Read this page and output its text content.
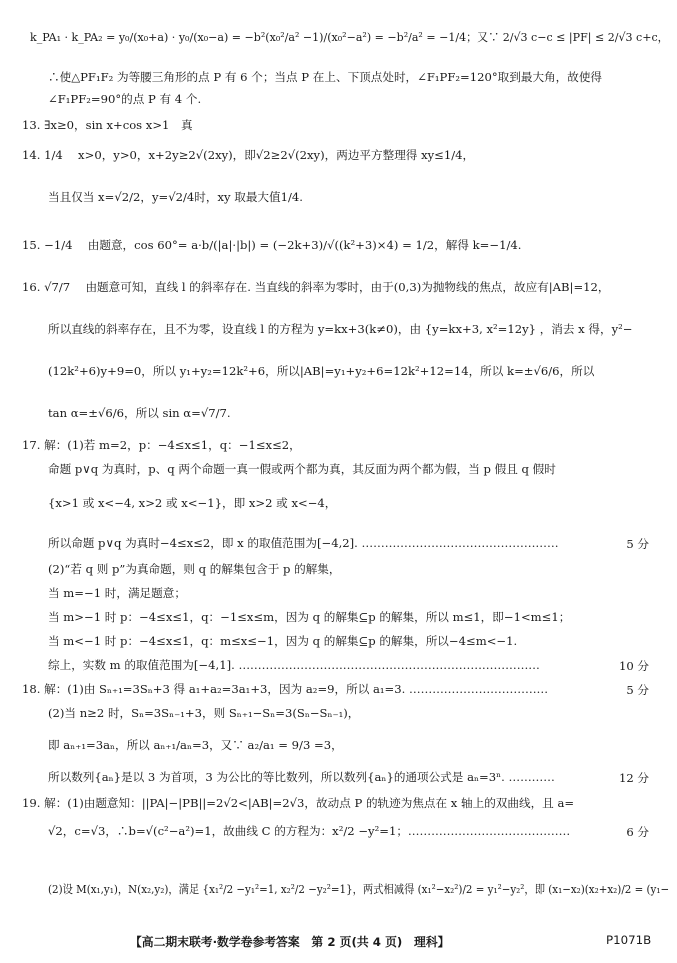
k_PA₁ · k_PA₂ = y₀/(x₀+a) · y₀/(x₀−a) = −b²(x₀²/a² −1)/(x₀²−a²) = −b²/a² = −1/4；又∵ 2/√3 c−c ≤ |PF| ≤ 2/√3 c+c，
∴使△PF₁F₂ 为等腰三角形的点 P 有 6 个；当点 P 在上、下顶点处时，∠F₁PF₂=120°取到最大角，故使得
∠F₁PF₂=90°的点 P 有 4 个.
13. ∃x≥0，sin x+cos x>1　真
14. 1/4　 x>0，y>0，x+2y≥2√(2xy)，即√2≥2√(2xy)，两边平方整理得 xy≤1/4，
当且仅当 x=√2/2，y=√2/4时，xy 取最大值1/4.
15. −1/4　 由题意，cos 60°= a·b/(|a|·|b|) = (−2k+3)/√((k²+3)×4) = 1/2，解得 k=−1/4.
16. √7/7　 由题意可知，直线 l 的斜率存在. 当直线的斜率为零时，由于(0,3)为抛物线的焦点，故应有|AB|=12，
所以直线的斜率存在，且不为零，设直线 l 的方程为 y=kx+3(k≠0)，由 {y=kx+3, x²=12y} ，消去 x 得，y²−
(12k²+6)y+9=0，所以 y₁+y₂=12k²+6，所以|AB|=y₁+y₂+6=12k²+12=14，所以 k=±√6/6，所以
tan α=±√6/6，所以 sin α=√7/7.
17. 解：(1)若 m=2，p：−4≤x≤1，q：−1≤x≤2，
命题 p∨q 为真时，p、q 两个命题一真一假或两个都为真，其反面为两个都为假，当 p 假且 q 假时
{x>1 或 x<−4, x>2 或 x<−1}，即 x>2 或 x<−4，
所以命题 p∨q 为真时−4≤x≤2，即 x 的取值范围为[−4,2]. ……………………………………………
(2)“若 q 则 p”为真命题，则 q 的解集包含于 p 的解集，
当 m=−1 时，满足题意；
当 m>−1 时 p：−4≤x≤1，q：−1≤x≤m，因为 q 的解集⊆p 的解集，所以 m≤1，即−1<m≤1；
当 m<−1 时 p：−4≤x≤1，q：m≤x≤−1，因为 q 的解集⊆p 的解集，所以−4≤m<−1.
综上，实数 m 的取值范围为[−4,1]. ……………………………………………………………………
18. 解：(1)由 Sₙ₊₁=3Sₙ+3 得 a₁+a₂=3a₁+3，因为 a₂=9，所以 a₁=3. ………………………………
(2)当 n≥2 时，Sₙ=3Sₙ₋₁+3，则 Sₙ₊₁−Sₙ=3(Sₙ−Sₙ₋₁)，
即 aₙ₊₁=3aₙ，所以 aₙ₊₁/aₙ=3，又∵ a₂/a₁ = 9/3 =3，
所以数列{aₙ}是以 3 为首项，3 为公比的等比数列，所以数列{aₙ}的通项公式是 aₙ=3ⁿ. …………
19. 解：(1)由题意知：||PA|−|PB||=2√2<|AB|=2√3，故动点 P 的轨迹为焦点在 x 轴上的双曲线，且 a=
√2，c=√3，∴b=√(c²−a²)=1，故曲线 C 的方程为：x²/2 −y²=1；……………………………………
(2)设 M(x₁,y₁)，N(x₂,y₂)，满足 {x₁²/2 −y₁²=1, x₂²/2 −y₂²=1}，两式相减得 (x₁²−x₂²)/2 = y₁²−y₂²，即 (x₁−x₂)(x₂+x₂)/2 = (y₁−
5 分
10 分
5 分
12 分
6 分
【高二期末联考·数学卷参考答案　第 2 页(共 4 页)　理科】	P1071B
